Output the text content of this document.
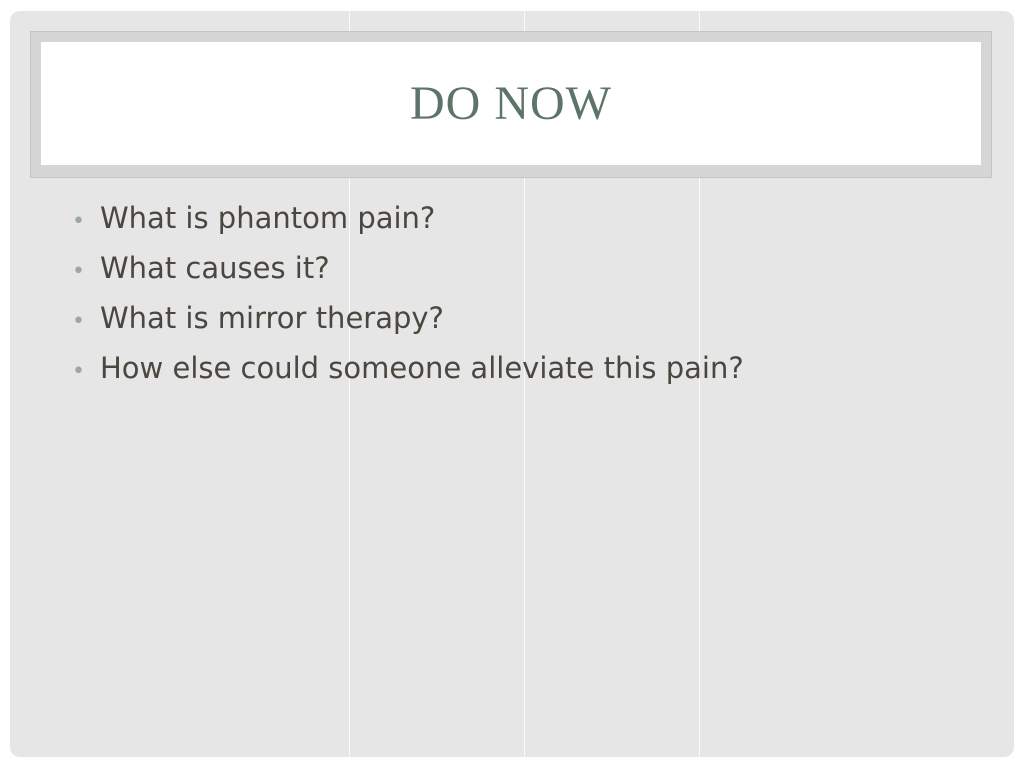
DO NOW
• What is phantom pain?
• What causes it?
• What is mirror therapy?
• How else could someone alleviate this pain?
